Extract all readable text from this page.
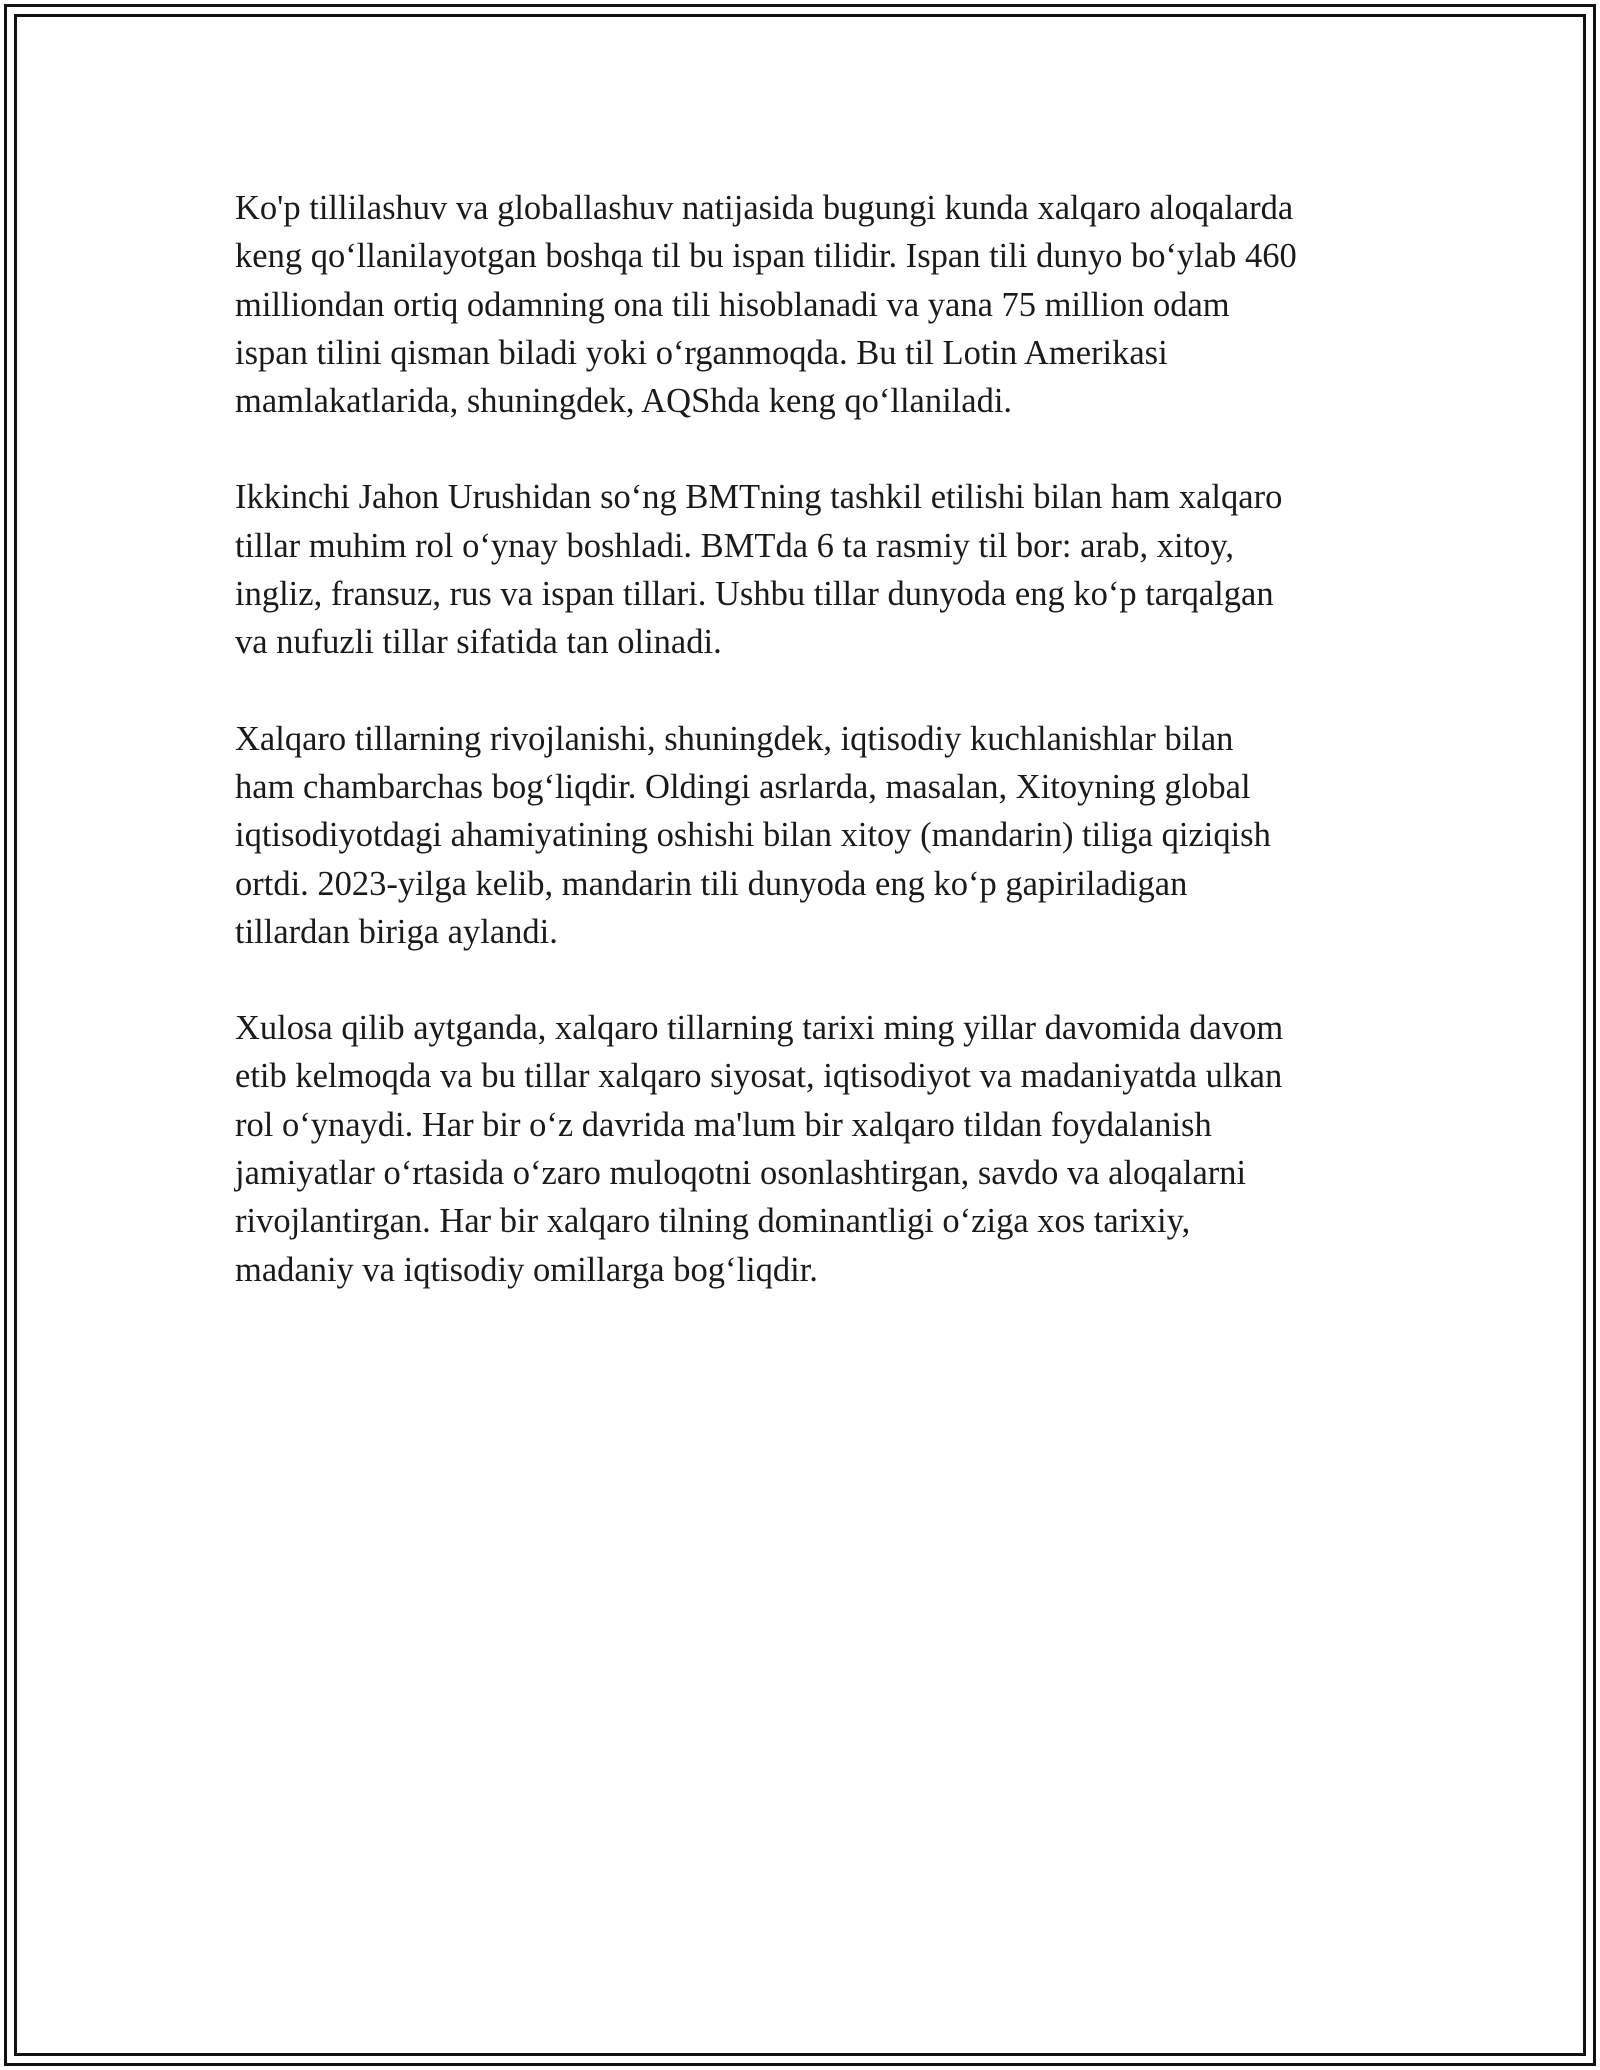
Ko'p tillilashuv va globallashuv natijasida bugungi kunda xalqaro aloqalarda
keng qo‘llanilayotgan boshqa til bu ispan tilidir. Ispan tili dunyo bo‘ylab 460
milliondan ortiq odamning ona tili hisoblanadi va yana 75 million odam
ispan tilini qisman biladi yoki o‘rganmoqda. Bu til Lotin Amerikasi
mamlakatlarida, shuningdek, AQShda keng qo‘llaniladi.

Ikkinchi Jahon Urushidan so‘ng BMTning tashkil etilishi bilan ham xalqaro
tillar muhim rol o‘ynay boshladi. BMTda 6 ta rasmiy til bor: arab, xitoy,
ingliz, fransuz, rus va ispan tillari. Ushbu tillar dunyoda eng ko‘p tarqalgan
va nufuzli tillar sifatida tan olinadi.

Xalqaro tillarning rivojlanishi, shuningdek, iqtisodiy kuchlanishlar bilan
ham chambarchas bog‘liqdir. Oldingi asrlarda, masalan, Xitoyning global
iqtisodiyotdagi ahamiyatining oshishi bilan xitoy (mandarin) tiliga qiziqish
ortdi. 2023-yilga kelib, mandarin tili dunyoda eng ko‘p gapiriladigan
tillardan biriga aylandi.

Xulosa qilib aytganda, xalqaro tillarning tarixi ming yillar davomida davom
etib kelmoqda va bu tillar xalqaro siyosat, iqtisodiyot va madaniyatda ulkan
rol o‘ynaydi. Har bir o‘z davrida ma'lum bir xalqaro tildan foydalanish
jamiyatlar o‘rtasida o‘zaro muloqotni osonlashtirgan, savdo va aloqalarni
rivojlantirgan. Har bir xalqaro tilning dominantligi o‘ziga xos tarixiy,
madaniy va iqtisodiy omillarga bog‘liqdir.
